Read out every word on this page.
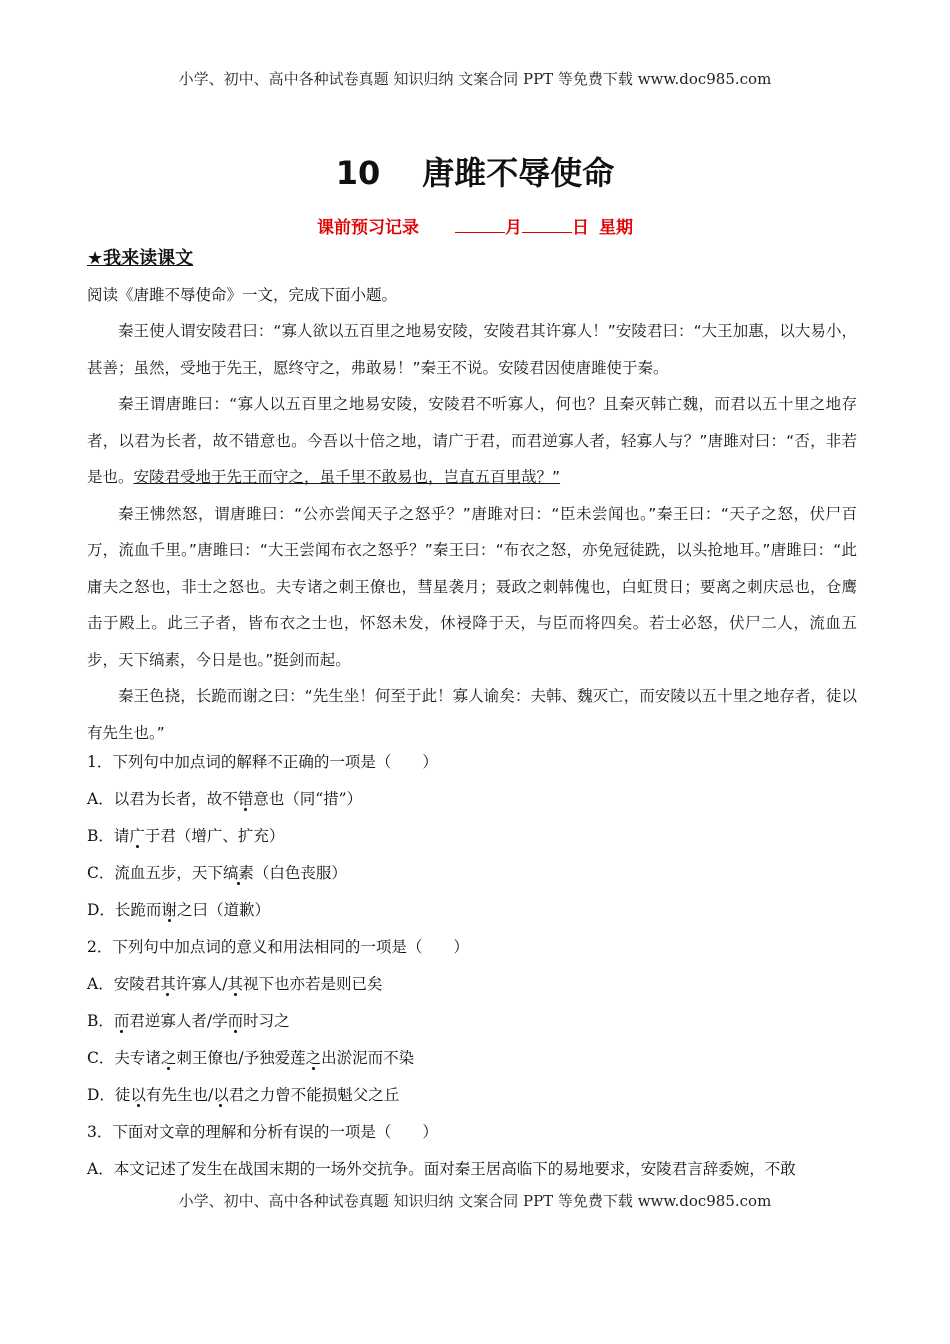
小学、初中、高中各种试卷真题 知识归纳 文案合同 PPT 等免费下载 www.doc985.com
10 唐雎不辱使命
课前预习记录	月	日 星期
★我来读课文
阅读《唐雎不辱使命》一文，完成下面小题。

秦王使人谓安陵君曰：“寡人欲以五百里之地易安陵，安陵君其许寡人！”安陵君曰：“大王加惠，以大易小，甚善；虽然，受地于先王，愿终守之，弗敢易！”秦王不说。安陵君因使唐雎使于秦。

秦王谓唐雎曰：“寡人以五百里之地易安陵，安陵君不听寡人，何也？且秦灭韩亡魏，而君以五十里之地存者，以君为长者，故不错意也。今吾以十倍之地，请广于君，而君逆寡人者，轻寡人与？”唐雎对曰：“否，非若是也。安陵君受地于先王而守之，虽千里不敢易也，岂直五百里哉？”

秦王怫然怒，谓唐雎曰：“公亦尝闻天子之怒乎？”唐雎对曰：“臣未尝闻也。”秦王曰：“天子之怒，伏尸百万，流血千里。”唐雎曰：“大王尝闻布衣之怒乎？”秦王曰：“布衣之怒，亦免冠徒跣，以头抢地耳。”唐雎曰：“此庸夫之怒也，非士之怒也。夫专诸之刺王僚也，彗星袭月；聂政之刺韩傀也，白虹贯日；要离之刺庆忌也，仓鹰击于殿上。此三子者，皆布衣之士也，怀怒未发，休祲降于天，与臣而将四矣。若士必怒，伏尸二人，流血五步，天下缟素，今日是也。”挺剑而起。

秦王色挠，长跪而谢之曰：“先生坐！何至于此！寡人谕矣：夫韩、魏灭亡，而安陵以五十里之地存者，徒以有先生也。”

1．下列句中加点词的解释不正确的一项是（　　）
A．以君为长者，故不错意也（同“措”）
B．请广于君（增广、扩充）
C．流血五步，天下缟素（白色丧服）
D．长跪而谢之曰（道歉）
2．下列句中加点词的意义和用法相同的一项是（　　）
A．安陵君其许寡人/其视下也亦若是则已矣
B．而君逆寡人者/学而时习之
C．夫专诸之刺王僚也/予独爱莲之出淤泥而不染
D．徒以有先生也/以君之力曾不能损魁父之丘
3．下面对文章的理解和分析有误的一项是（　　）
A．本文记述了发生在战国末期的一场外交抗争。面对秦王居高临下的易地要求，安陵君言辞委婉，不敢
小学、初中、高中各种试卷真题 知识归纳 文案合同 PPT 等免费下载 www.doc985.com
